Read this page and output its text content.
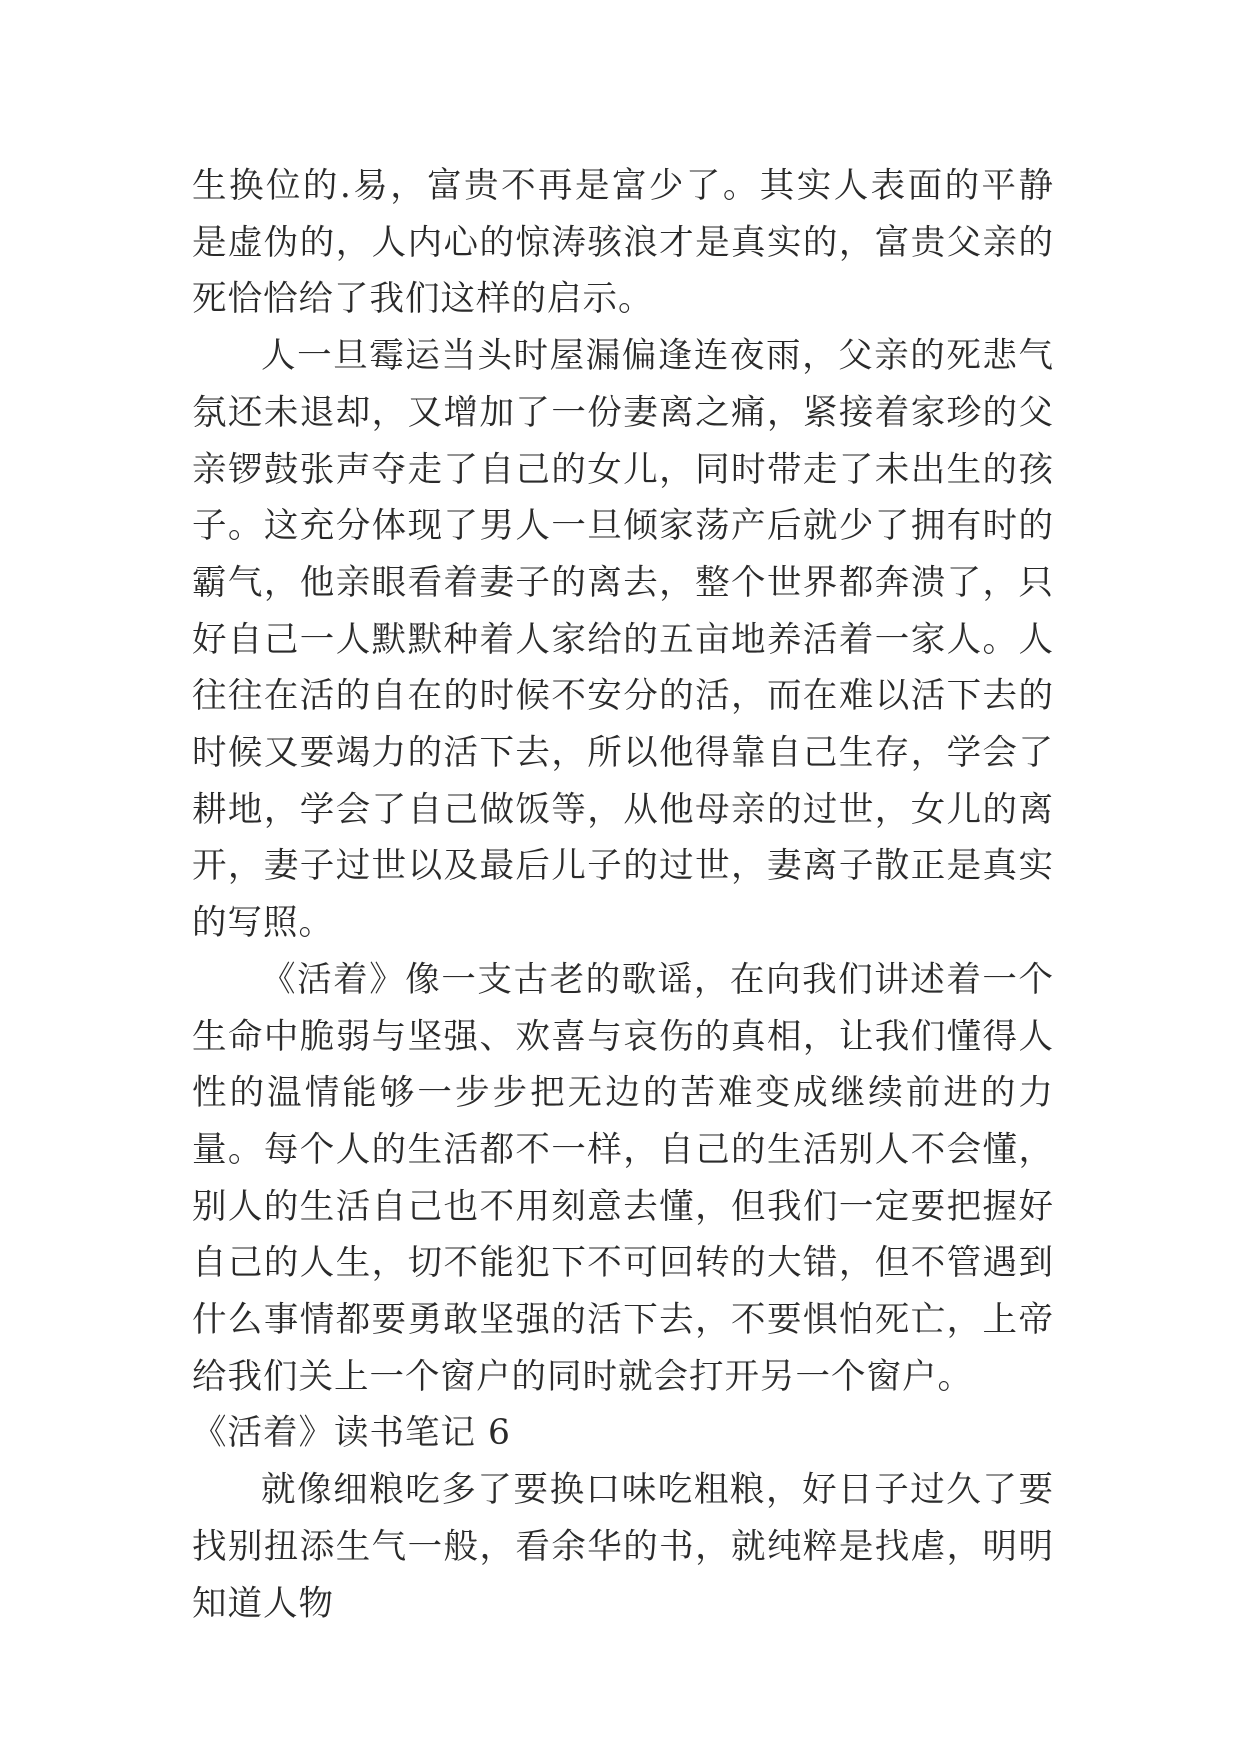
生换位的.易，富贵不再是富少了。其实人表面的平静是虚伪的，人内心的惊涛骇浪才是真实的，富贵父亲的死恰恰给了我们这样的启示。

人一旦霉运当头时屋漏偏逢连夜雨，父亲的死悲气氛还未退却，又增加了一份妻离之痛，紧接着家珍的父亲锣鼓张声夺走了自己的女儿，同时带走了未出生的孩子。这充分体现了男人一旦倾家荡产后就少了拥有时的霸气，他亲眼看着妻子的离去，整个世界都奔溃了，只好自己一人默默种着人家给的五亩地养活着一家人。人往往在活的自在的时候不安分的活，而在难以活下去的时候又要竭力的活下去，所以他得靠自己生存，学会了耕地，学会了自己做饭等，从他母亲的过世，女儿的离开，妻子过世以及最后儿子的过世，妻离子散正是真实的写照。

《活着》像一支古老的歌谣，在向我们讲述着一个生命中脆弱与坚强、欢喜与哀伤的真相，让我们懂得人性的温情能够一步步把无边的苦难变成继续前进的力量。每个人的生活都不一样，自己的生活别人不会懂，别人的生活自己也不用刻意去懂，但我们一定要把握好自己的人生，切不能犯下不可回转的大错，但不管遇到什么事情都要勇敢坚强的活下去，不要惧怕死亡，上帝给我们关上一个窗户的同时就会打开另一个窗户。

《活着》读书笔记 6

就像细粮吃多了要换口味吃粗粮，好日子过久了要找别扭添生气一般，看余华的书，就纯粹是找虐，明明知道人物
